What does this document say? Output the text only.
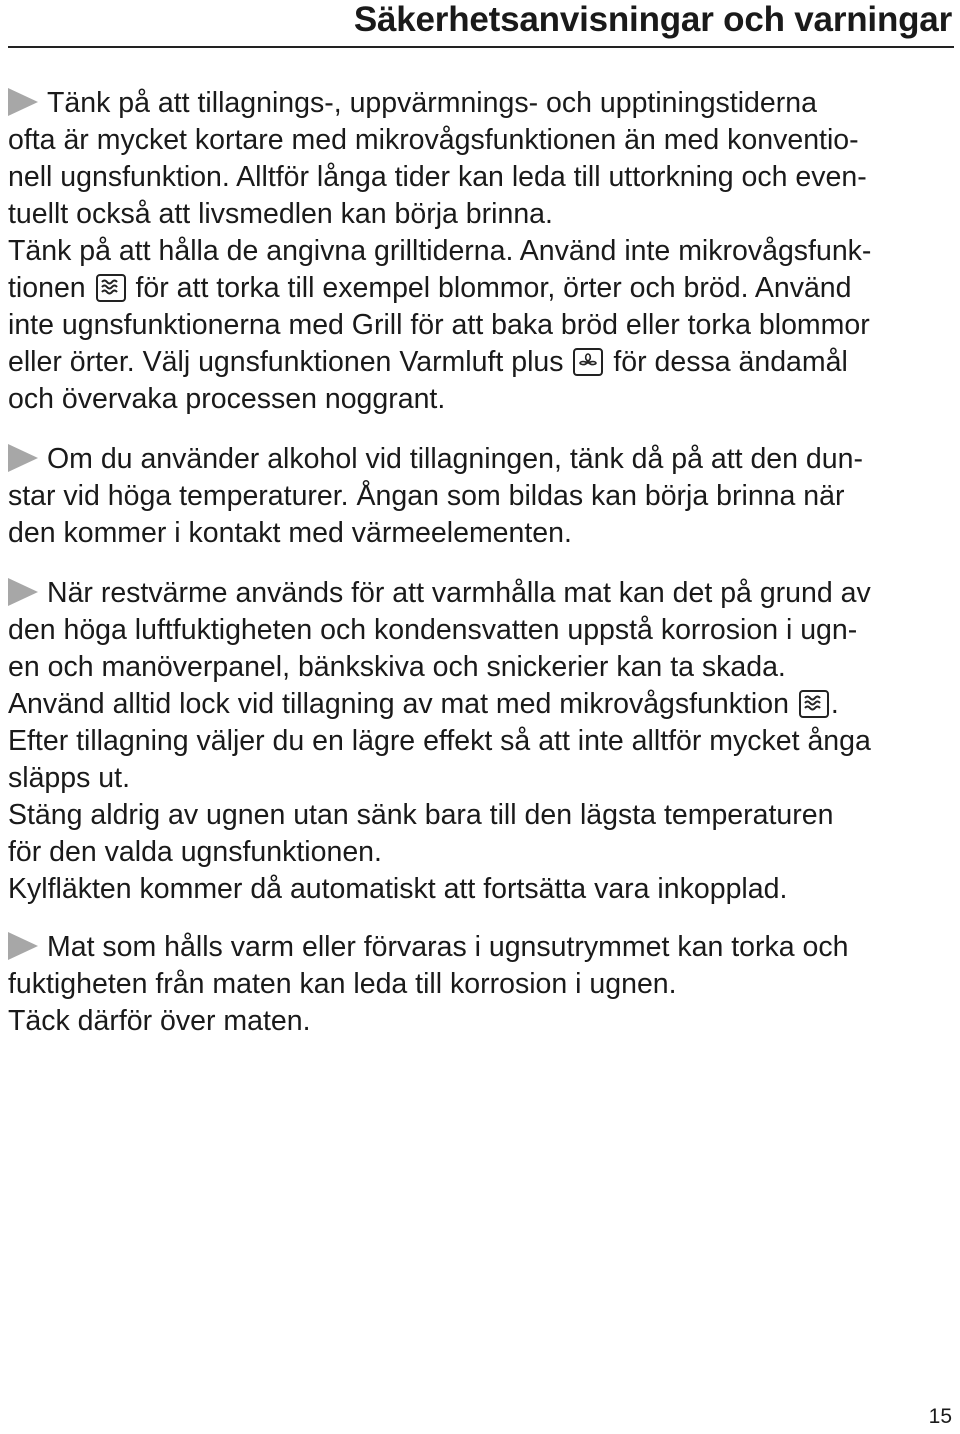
Säkerhetsanvisningar och varningar

Tänk på att tillagnings-, uppvärmnings- och upptiningstiderna
ofta är mycket kortare med mikrovågsfunktionen än med konventio-
nell ugnsfunktion. Alltför långa tider kan leda till uttorkning och even-
tuellt också att livsmedlen kan börja brinna.
Tänk på att hålla de angivna grilltiderna. Använd inte mikrovågsfunk-
tionen för att torka till exempel blommor, örter och bröd. Använd
inte ugnsfunktionerna med Grill för att baka bröd eller torka blommor
eller örter. Välj ugnsfunktionen Varmluft plus för dessa ändamål
och övervaka processen noggrant.

Om du använder alkohol vid tillagningen, tänk då på att den dun-
star vid höga temperaturer. Ångan som bildas kan börja brinna när
den kommer i kontakt med värmeelementen.

När restvärme används för att varmhålla mat kan det på grund av
den höga luftfuktigheten och kondensvatten uppstå korrosion i ugn-
en och manöverpanel, bänkskiva och snickerier kan ta skada.
Använd alltid lock vid tillagning av mat med mikrovågsfunktion .
Efter tillagning väljer du en lägre effekt så att inte alltför mycket ånga
släpps ut.
Stäng aldrig av ugnen utan sänk bara till den lägsta temperaturen
för den valda ugnsfunktionen.
Kylfläkten kommer då automatiskt att fortsätta vara inkopplad.

Mat som hålls varm eller förvaras i ugnsutrymmet kan torka och
fuktigheten från maten kan leda till korrosion i ugnen.
Täck därför över maten.

15
